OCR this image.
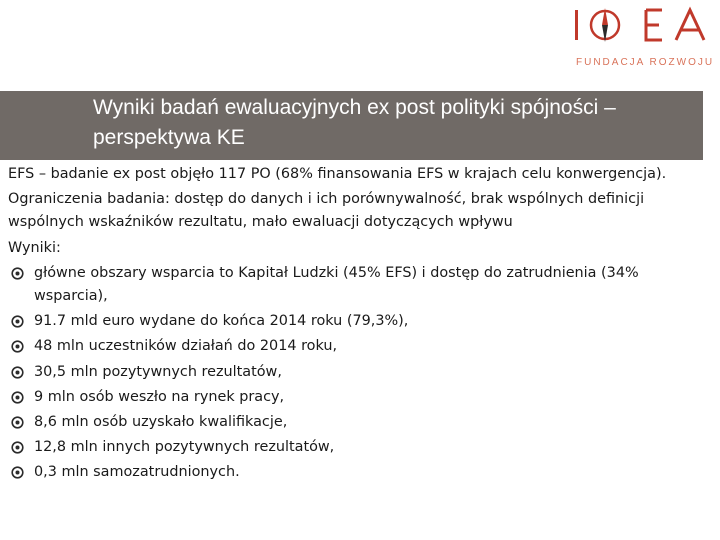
FUNDACJA ROZWOJU
Wyniki badań ewaluacyjnych ex post polityki spójności – perspektywa KE

EFS – badanie ex post objęło 117 PO (68% finansowania EFS w krajach celu konwergencja).

Ograniczenia badania: dostęp do danych i ich porównywalność, brak wspólnych definicji wspólnych wskaźników rezultatu, mało ewaluacji dotyczących wpływu

Wyniki:

główne obszary wsparcia to Kapitał Ludzki (45% EFS) i dostęp do zatrudnienia (34% wsparcia),
91.7 mld euro wydane do końca 2014 roku (79,3%),
48 mln uczestników działań do 2014 roku,
30,5 mln pozytywnych rezultatów,
9 mln osób weszło na rynek pracy,
8,6 mln osób uzyskało kwalifikacje,
12,8 mln innych pozytywnych rezultatów,
0,3 mln samozatrudnionych.
